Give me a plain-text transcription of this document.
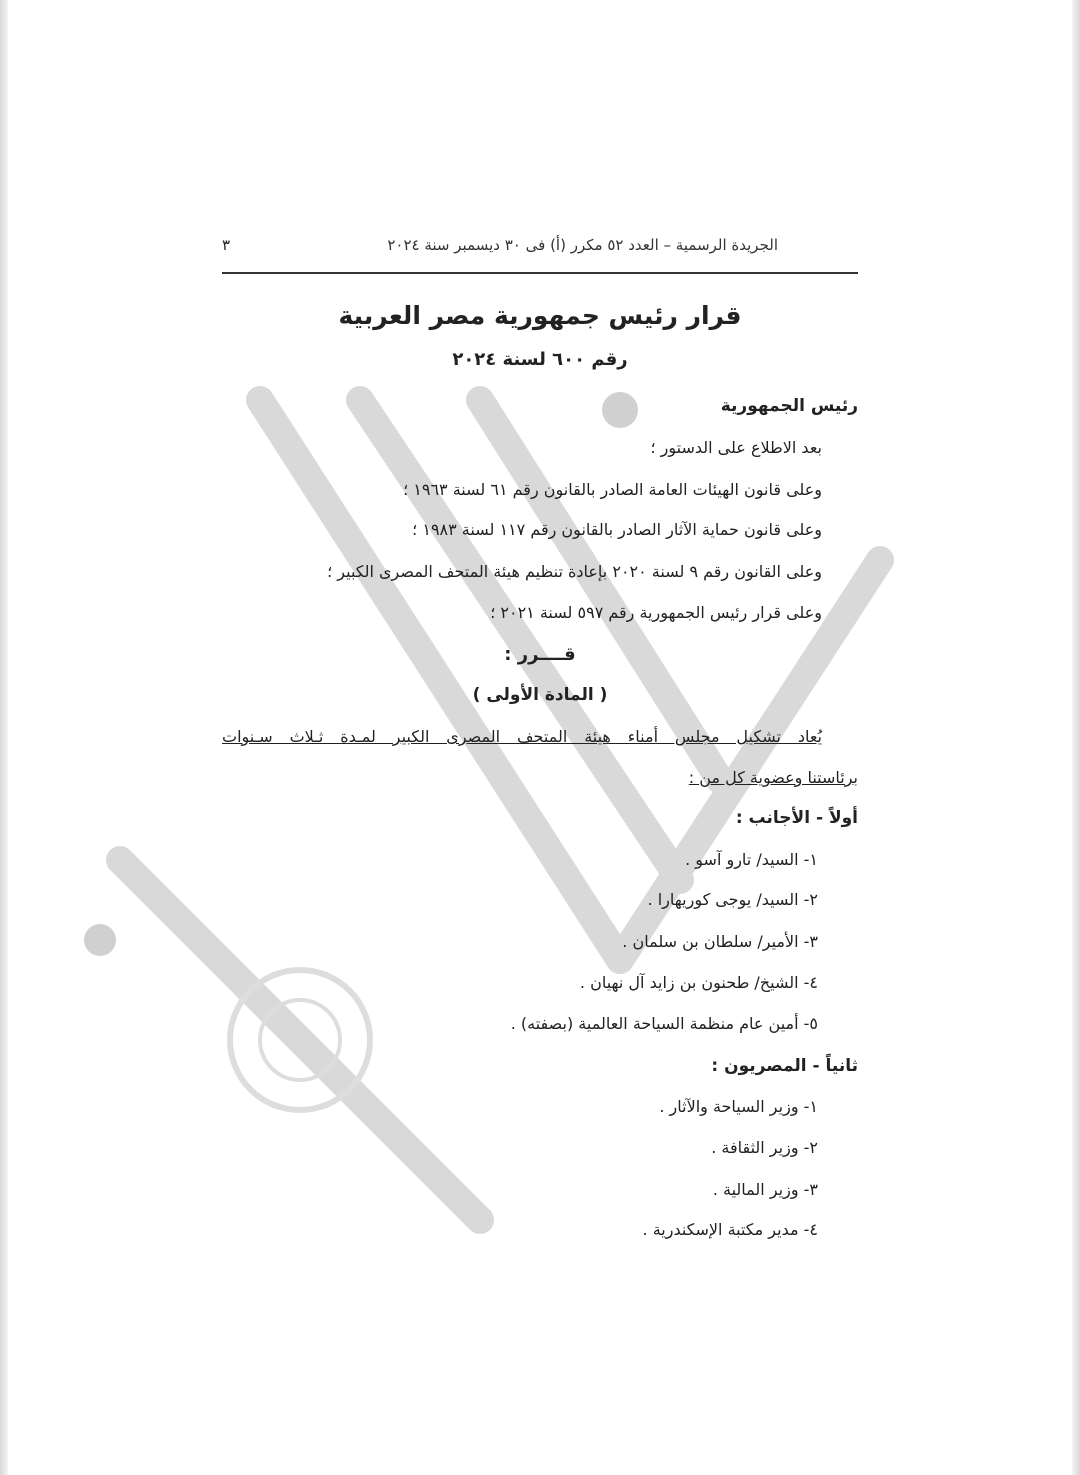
الجريدة الرسمية – العدد ٥٢ مكرر (أ) فى ٣٠ ديسمبر سنة ٢٠٢٤
٣
قرار رئيس جمهورية مصر العربية
رقم ٦٠٠ لسنة ٢٠٢٤
رئيس الجمهورية
بعد الاطلاع على الدستور ؛
وعلى قانون الهيئات العامة الصادر بالقانون رقم ٦١ لسنة ١٩٦٣ ؛
وعلى قانون حماية الآثار الصادر بالقانون رقم ١١٧ لسنة ١٩٨٣ ؛
وعلى القانون رقم ٩ لسنة ٢٠٢٠ بإعادة تنظيم هيئة المتحف المصرى الكبير ؛
وعلى قرار رئيس الجمهورية رقم ٥٩٧ لسنة ٢٠٢١ ؛
قــــرر :
( المادة الأولى )
يُعاد تشكيل مجلس أمناء هيئة المتحف المصرى الكبير لمـدة ثـلاث سـنوات
برئاستنا وعضوية كل من :
أولاً - الأجانب :
١- السيد/ تارو آسو .
٢- السيد/ يوجى كوريهارا .
٣- الأمير/ سلطان بن سلمان .
٤- الشيخ/ طحنون بن زايد آل نهيان .
٥- أمين عام منظمة السياحة العالمية (بصفته) .
ثانياً - المصريون :
١- وزير السياحة والآثار .
٢- وزير الثقافة .
٣- وزير المالية .
٤- مدير مكتبة الإسكندرية .
